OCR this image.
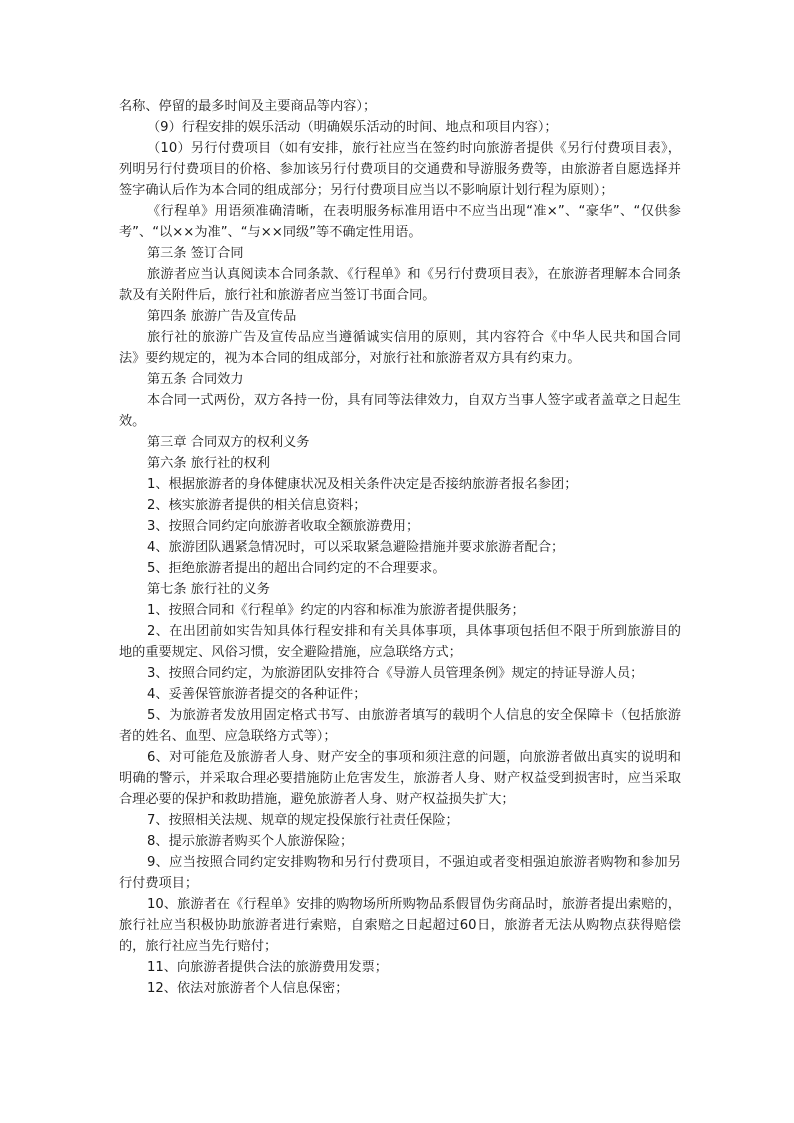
名称、停留的最多时间及主要商品等内容）；

（9）行程安排的娱乐活动（明确娱乐活动的时间、地点和项目内容）；

（10）另行付费项目（如有安排，旅行社应当在签约时向旅游者提供《另行付费项目表》，列明另行付费项目的价格、参加该另行付费项目的交通费和导游服务费等，由旅游者自愿选择并签字确认后作为本合同的组成部分；另行付费项目应当以不影响原计划行程为原则）；

《行程单》用语须准确清晰，在表明服务标准用语中不应当出现“准×”、“豪华”、“仅供参考”、“以××为准”、“与××同级”等不确定性用语。

第三条 签订合同

旅游者应当认真阅读本合同条款、《行程单》和《另行付费项目表》，在旅游者理解本合同条款及有关附件后，旅行社和旅游者应当签订书面合同。

第四条 旅游广告及宣传品

旅行社的旅游广告及宣传品应当遵循诚实信用的原则，其内容符合《中华人民共和国合同法》要约规定的，视为本合同的组成部分，对旅行社和旅游者双方具有约束力。

第五条 合同效力

本合同一式两份，双方各持一份，具有同等法律效力，自双方当事人签字或者盖章之日起生效。

第三章 合同双方的权利义务

第六条 旅行社的权利

1、根据旅游者的身体健康状况及相关条件决定是否接纳旅游者报名参团；

2、核实旅游者提供的相关信息资料；

3、按照合同约定向旅游者收取全额旅游费用；

4、旅游团队遇紧急情况时，可以采取紧急避险措施并要求旅游者配合；

5、拒绝旅游者提出的超出合同约定的不合理要求。

第七条 旅行社的义务

1、按照合同和《行程单》约定的内容和标准为旅游者提供服务；

2、在出团前如实告知具体行程安排和有关具体事项，具体事项包括但不限于所到旅游目的地的重要规定、风俗习惯，安全避险措施，应急联络方式；

3、按照合同约定，为旅游团队安排符合《导游人员管理条例》规定的持证导游人员；

4、妥善保管旅游者提交的各种证件；

5、为旅游者发放用固定格式书写、由旅游者填写的载明个人信息的安全保障卡（包括旅游者的姓名、血型、应急联络方式等）；

6、对可能危及旅游者人身、财产安全的事项和须注意的问题，向旅游者做出真实的说明和明确的警示，并采取合理必要措施防止危害发生，旅游者人身、财产权益受到损害时，应当采取合理必要的保护和救助措施，避免旅游者人身、财产权益损失扩大；

7、按照相关法规、规章的规定投保旅行社责任保险；

8、提示旅游者购买个人旅游保险；

9、应当按照合同约定安排购物和另行付费项目，不强迫或者变相强迫旅游者购物和参加另行付费项目；

10、旅游者在《行程单》安排的购物场所所购物品系假冒伪劣商品时，旅游者提出索赔的，旅行社应当积极协助旅游者进行索赔，自索赔之日起超过60日，旅游者无法从购物点获得赔偿的，旅行社应当先行赔付；

11、向旅游者提供合法的旅游费用发票；

12、依法对旅游者个人信息保密；
